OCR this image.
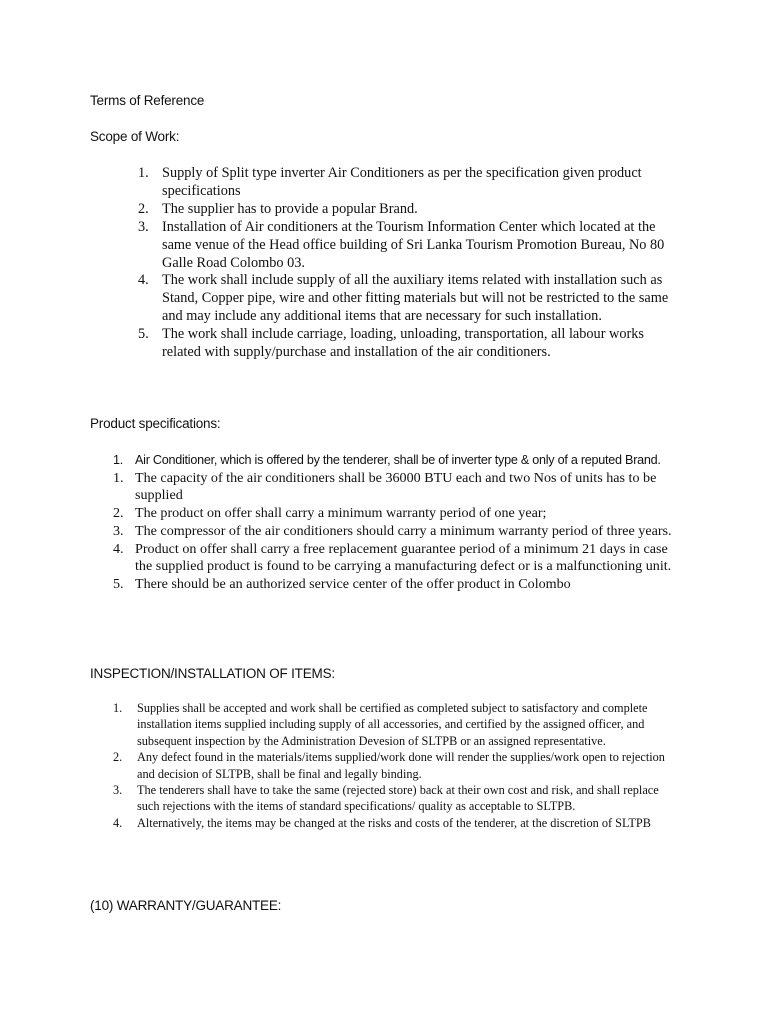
Terms of Reference
Scope of Work:
1. Supply of Split type inverter Air Conditioners as per the specification given product specifications
2. The supplier has to provide a popular Brand.
3. Installation of Air conditioners at the Tourism Information Center which located at the same venue of the Head office building of Sri Lanka Tourism Promotion Bureau, No 80 Galle Road Colombo 03.
4. The work shall include supply of all the auxiliary items related with installation such as Stand, Copper pipe, wire and other fitting materials but will not be restricted to the same and may include any additional items that are necessary for such installation.
5. The work shall include carriage, loading, unloading, transportation, all labour works related with supply/purchase and installation of the air conditioners.
Product specifications:
1. Air Conditioner, which is offered by the tenderer, shall be of inverter type & only of a reputed Brand.
1. The capacity of the air conditioners shall be 36000 BTU each and two Nos of units has to be supplied
2. The product on offer shall carry a minimum warranty period of one year;
3. The compressor of the air conditioners should carry a minimum warranty period of three years.
4. Product on offer shall carry a free replacement guarantee period of a minimum 21 days in case the supplied product is found to be carrying a manufacturing defect or is a malfunctioning unit.
5. There should be an authorized service center of the offer product in Colombo
INSPECTION/INSTALLATION OF ITEMS:
1. Supplies shall be accepted and work shall be certified as completed subject to satisfactory and complete installation items supplied including supply of all accessories, and certified by the assigned officer, and subsequent inspection by the Administration Devesion of SLTPB or an assigned representative.
2. Any defect found in the materials/items supplied/work done will render the supplies/work open to rejection and decision of SLTPB, shall be final and legally binding.
3. The tenderers shall have to take the same (rejected store) back at their own cost and risk, and shall replace such rejections with the items of standard specifications/ quality as acceptable to SLTPB.
4. Alternatively, the items may be changed at the risks and costs of the tenderer, at the discretion of SLTPB
(10) WARRANTY/GUARANTEE:
